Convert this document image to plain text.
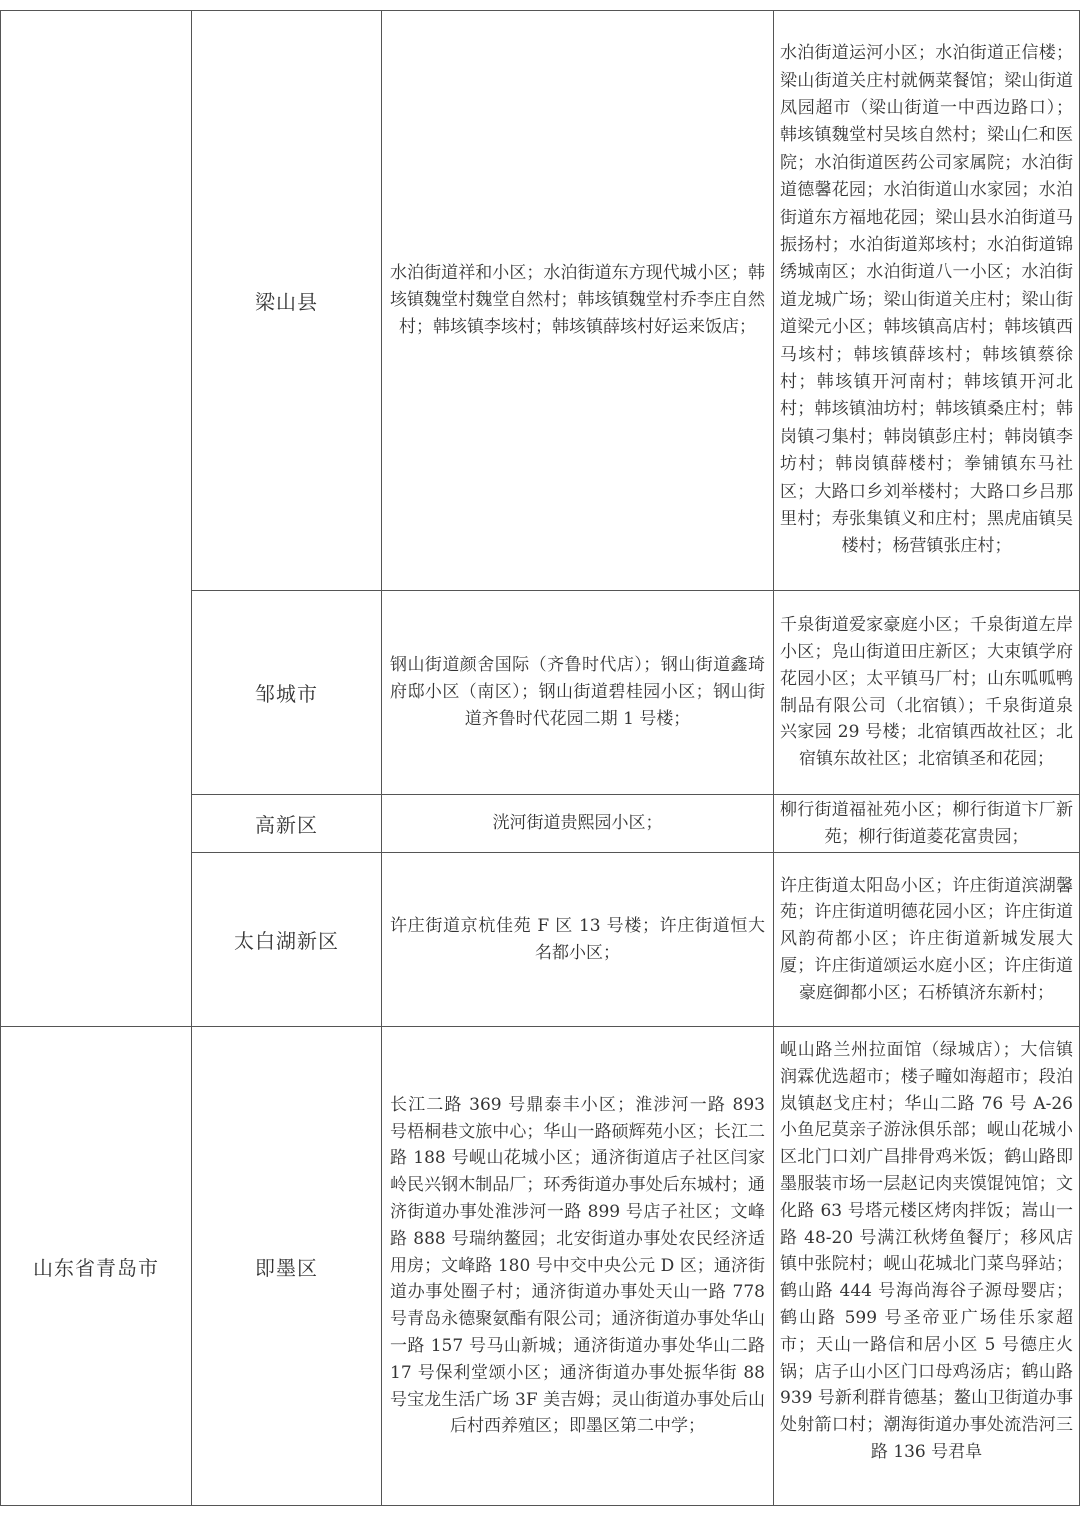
梁山县
水泊街道祥和小区；水泊街道东方现代城小区；韩垓镇魏堂村魏堂自然村；韩垓镇魏堂村乔李庄自然村；韩垓镇李垓村；韩垓镇薛垓村好运来饭店；
水泊街道运河小区；水泊街道正信楼；梁山街道关庄村就俩菜餐馆；梁山街道凤园超市（梁山街道一中西边路口）；韩垓镇魏堂村吴垓自然村；梁山仁和医院；水泊街道医药公司家属院；水泊街道德馨花园；水泊街道山水家园；水泊街道东方福地花园；梁山县水泊街道马振扬村；水泊街道郑垓村；水泊街道锦绣城南区；水泊街道八一小区；水泊街道龙城广场；梁山街道关庄村；梁山街道梁元小区；韩垓镇高店村；韩垓镇西马垓村；韩垓镇薛垓村；韩垓镇蔡徐村；韩垓镇开河南村；韩垓镇开河北村；韩垓镇油坊村；韩垓镇桑庄村；韩岗镇刁集村；韩岗镇彭庄村；韩岗镇李坊村；韩岗镇薛楼村；拳铺镇东马社区；大路口乡刘举楼村；大路口乡吕那里村；寿张集镇义和庄村；黑虎庙镇吴楼村；杨营镇张庄村；
邹城市
钢山街道颜舍国际（齐鲁时代店）；钢山街道鑫琦府邸小区（南区）；钢山街道碧桂园小区；钢山街道齐鲁时代花园二期 1 号楼；
千泉街道爱家豪庭小区；千泉街道左岸小区；凫山街道田庄新区；大束镇学府花园小区；太平镇马厂村；山东呱呱鸭制品有限公司（北宿镇）；千泉街道泉兴家园 29 号楼；北宿镇西故社区；北宿镇东故社区；北宿镇圣和花园；
高新区	洸河街道贵熙园小区；
柳行街道福祉苑小区；柳行街道卞厂新苑；柳行街道菱花富贵园；
太白湖新区
许庄街道京杭佳苑 F 区 13 号楼；许庄街道恒大名都小区；
许庄街道太阳岛小区；许庄街道滨湖馨苑；许庄街道明德花园小区；许庄街道风韵荷都小区；许庄街道新城发展大厦；许庄街道颂运水庭小区；许庄街道豪庭御都小区；石桥镇济东新村；
山东省青岛市	即墨区
长江二路 369 号鼎泰丰小区；淮涉河一路 893 号梧桐巷文旅中心；华山一路硕辉苑小区；长江二路 188 号岘山花城小区；通济街道店子社区闫家岭民兴钢木制品厂；环秀街道办事处后东城村；通济街道办事处淮涉河一路 899 号店子社区；文峰路 888 号瑞纳鳌园；北安街道办事处农民经济适用房；文峰路 180 号中交中央公元 D 区；通济街道办事处圈子村；通济街道办事处天山一路 778 号青岛永德聚氨酯有限公司；通济街道办事处华山一路 157 号马山新城；通济街道办事处华山二路 17 号保利堂颂小区；通济街道办事处振华街 88 号宝龙生活广场 3F 美吉姆；灵山街道办事处后山后村西养殖区；即墨区第二中学；
岘山路兰州拉面馆（绿城店）；大信镇润霖优选超市；楼子疃如海超市；段泊岚镇赵戈庄村；华山二路 76 号 A-26 小鱼尼莫亲子游泳俱乐部；岘山花城小区北门口刘广昌排骨鸡米饭；鹤山路即墨服装市场一层赵记肉夹馍馄饨馆；文化路 63 号塔元楼区烤肉拌饭；嵩山一路 48-20 号满江秋烤鱼餐厅；移风店镇中张院村；岘山花城北门菜鸟驿站；鹤山路 444 号海尚海谷子源母婴店；鹤山路 599 号圣帝亚广场佳乐家超市；天山一路信和居小区 5 号德庄火锅；店子山小区门口母鸡汤店；鹤山路 939 号新利群肯德基；鳌山卫街道办事处射箭口村；潮海街道办事处流浩河三路 136 号君阜
